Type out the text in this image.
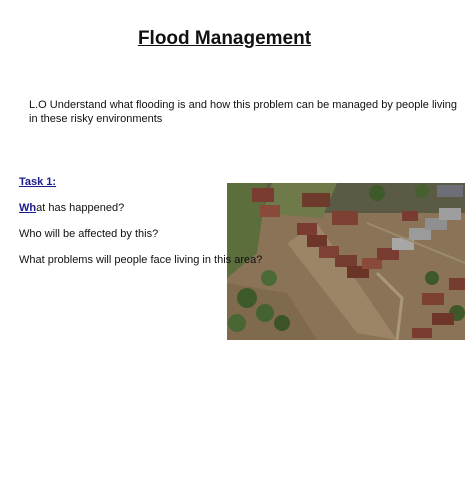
Flood Management
L.O Understand what flooding is and how this problem can be managed by people living in these risky environments
Task 1:
What has happened?
Who will be affected by this?
What problems will people face living in this area?
